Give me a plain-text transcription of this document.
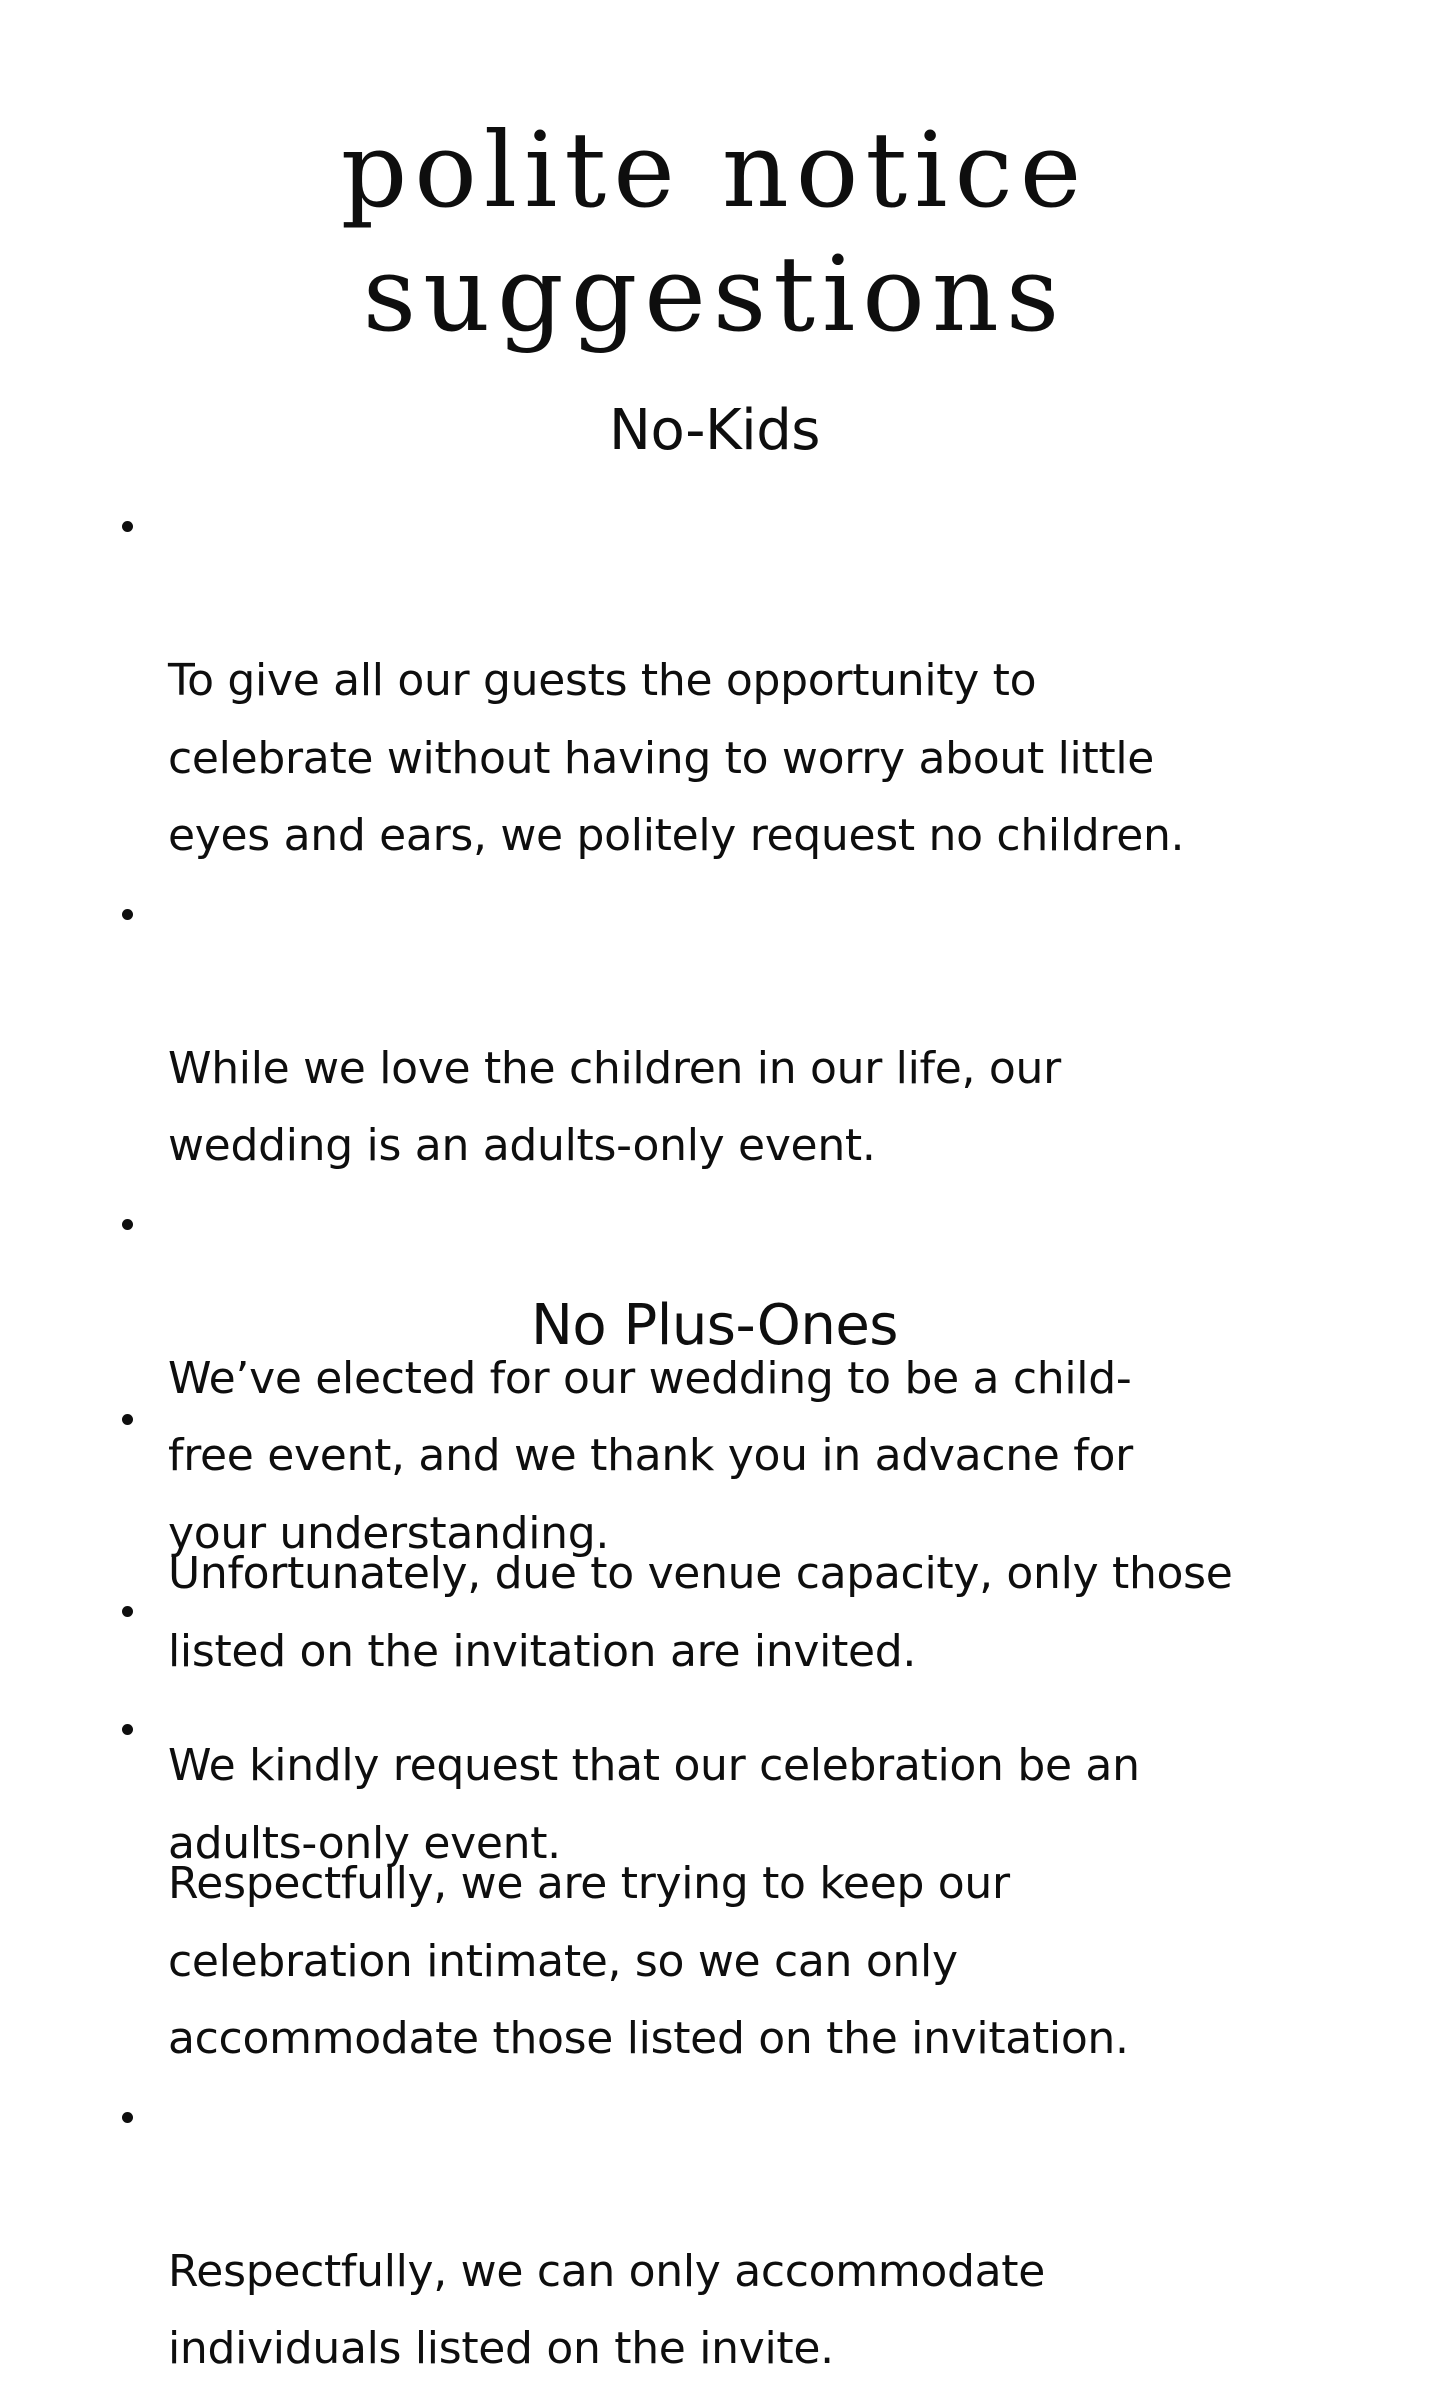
polite notice
suggestions
No-Kids

To give all our guests the opportunity to
celebrate without having to worry about little
eyes and ears, we politely request no children.

While we love the children in our life, our
wedding is an adults-only event.

We’ve elected for our wedding to be a child-
free event, and we thank you in advacne for
your understanding.

We kindly request that our celebration be an
adults-only event.

No Plus-Ones

Unfortunately, due to venue capacity, only those
listed on the invitation are invited.

Respectfully, we are trying to keep our
celebration intimate, so we can only
accommodate those listed on the invitation.

Respectfully, we can only accommodate
individuals listed on the invite.
